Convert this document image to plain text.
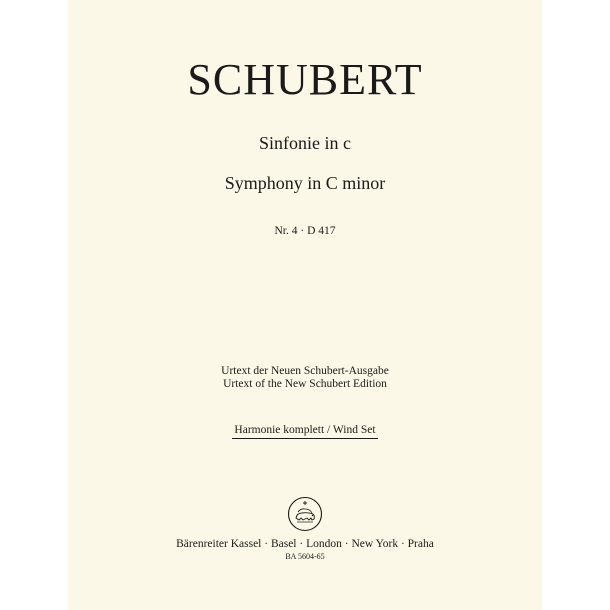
SCHUBERT
Sinfonie in c
Symphony in C minor
Nr. 4 · D 417
Urtext der Neuen Schubert-Ausgabe
Urtext of the New Schubert Edition
Harmonie komplett / Wind Set
Bärenreiter Kassel · Basel · London · New York · Praha
BA 5604-65
